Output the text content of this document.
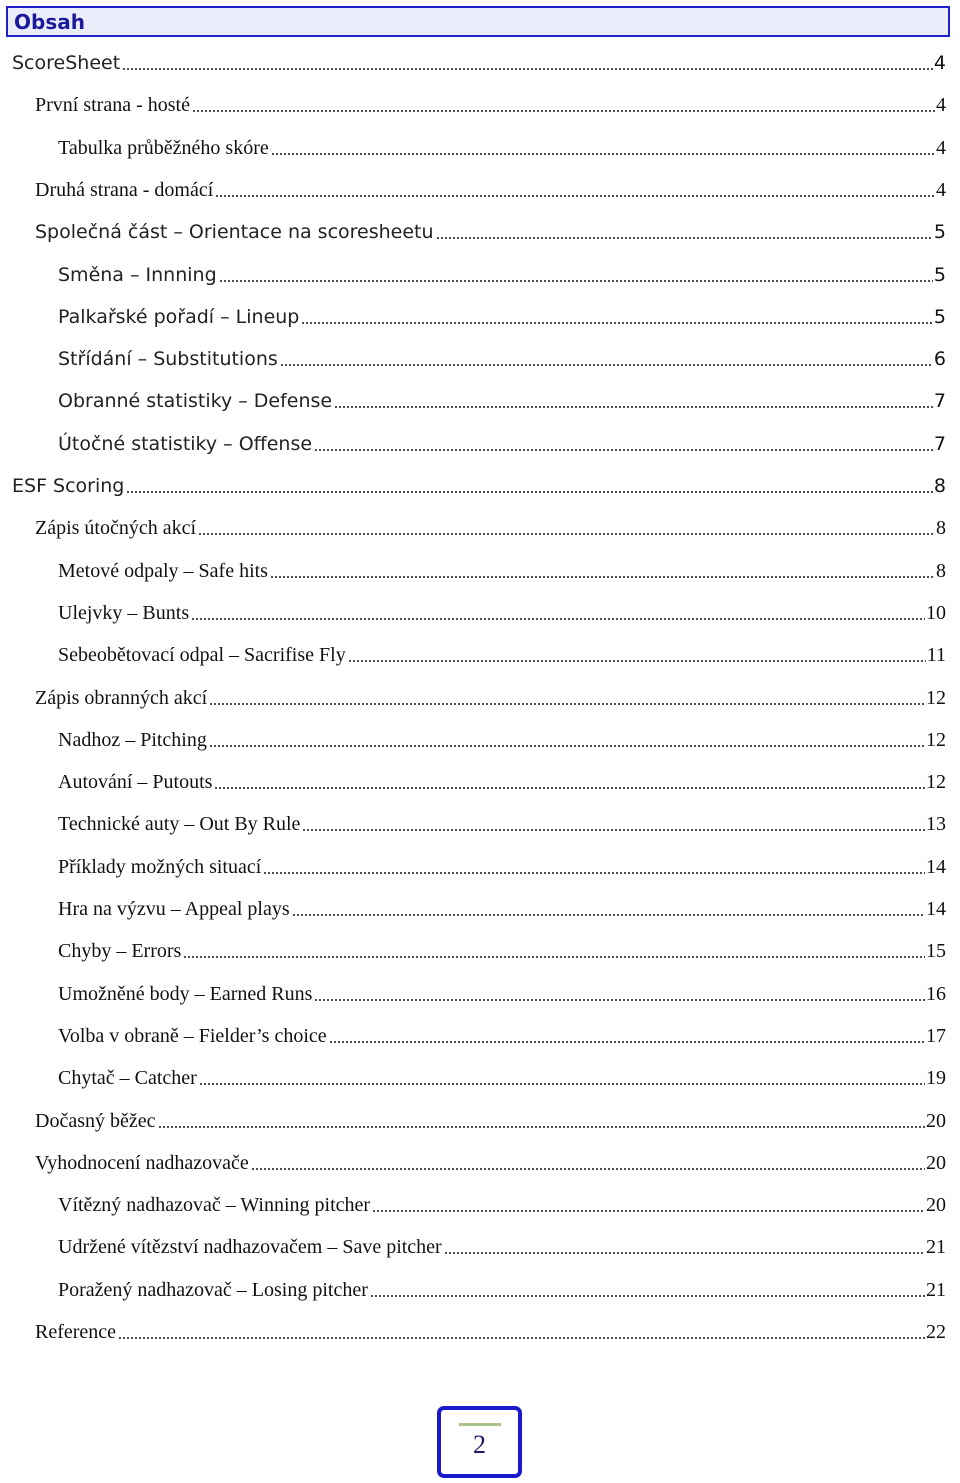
Obsah
ScoreSheet	4
První strana - hosté	4
Tabulka průběžného skóre	4
Druhá strana - domácí	4
Společná část – Orientace na scoresheetu	5
Směna – Innning	5
Palkařské pořadí – Lineup	5
Střídání – Substitutions	6
Obranné statistiky – Defense	7
Útočné statistiky – Offense	7
ESF Scoring	8
Zápis útočných akcí	8
Metové odpaly – Safe hits	8
Ulejvky – Bunts	10
Sebeobětovací odpal – Sacrifise Fly	11
Zápis obranných akcí	12
Nadhoz – Pitching	12
Autování – Putouts	12
Technické auty – Out By Rule	13
Příklady možných situací	14
Hra na výzvu – Appeal plays	14
Chyby – Errors	15
Umožněné body – Earned Runs	16
Volba v obraně – Fielder’s choice	17
Chytač – Catcher	19
Dočasný běžec	20
Vyhodnocení nadhazovače	20
Vítězný nadhazovač – Winning pitcher	20
Udržené vítězství nadhazovačem – Save pitcher	21
Poražený nadhazovač – Losing pitcher	21
Reference	22
2
